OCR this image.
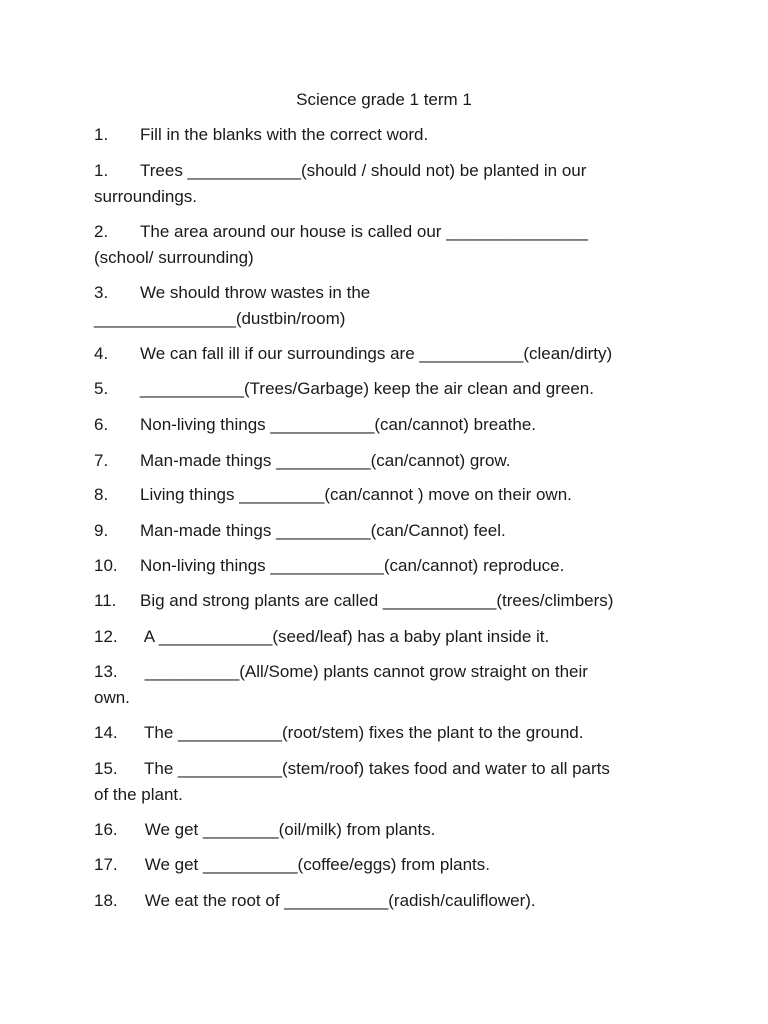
Science grade 1 term 1
1. Fill in the blanks with the correct word.
1. Trees ____________(should / should not) be planted in our
surroundings.
2. The area around our house is called our _______________
(school/ surrounding)
3. We should throw wastes in the
_______________(dustbin/room)
4. We can fall ill if our surroundings are ___________(clean/dirty)
5. ___________(Trees/Garbage) keep the air clean and green.
6. Non-living things ___________(can/cannot) breathe.
7. Man-made things __________(can/cannot) grow.
8. Living things _________(can/cannot ) move on their own.
9. Man-made things __________(can/Cannot) feel.
10. Non-living things ____________(can/cannot) reproduce.
11. Big and strong plants are called ____________(trees/climbers)
12. A ____________(seed/leaf) has a baby plant inside it.
13. __________(All/Some) plants cannot grow straight on their
own.
14. The ___________(root/stem) fixes the plant to the ground.
15. The ___________(stem/roof) takes food and water to all parts
of the plant.
16. We get ________(oil/milk) from plants.
17. We get __________(coffee/eggs) from plants.
18. We eat the root of ___________(radish/cauliflower).
